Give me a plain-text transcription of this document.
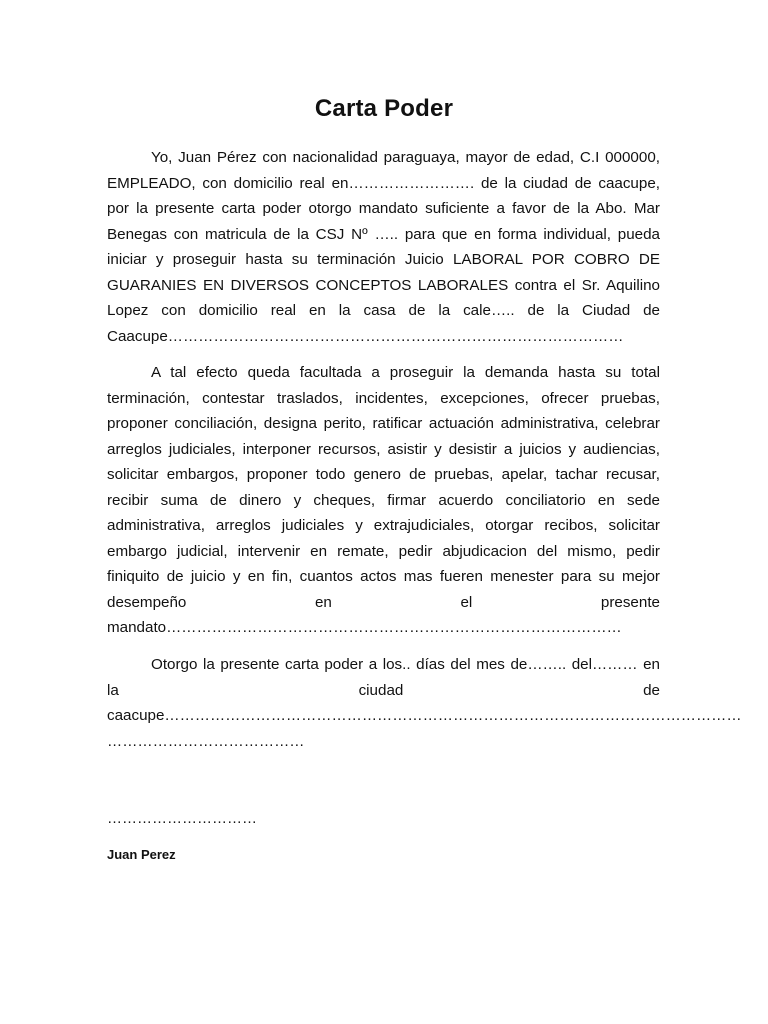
Carta Poder

Yo, Juan Pérez con nacionalidad paraguaya, mayor de edad, C.I 000000, EMPLEADO, con domicilio real en……………………. de la ciudad de caacupe, por la presente carta poder otorgo mandato suficiente a favor de la Abo. Mar Benegas con matricula de la CSJ Nº ….. para que en forma individual, pueda iniciar y proseguir hasta su terminación Juicio LABORAL POR COBRO DE GUARANIES EN DIVERSOS CONCEPTOS LABORALES contra el Sr. Aquilino Lopez con domicilio real en la casa de la cale….. de la Ciudad de Caacupe………………………………………………………………………………

A tal efecto queda facultada a proseguir la demanda hasta su total terminación, contestar traslados, incidentes, excepciones, ofrecer pruebas, proponer conciliación, designa perito, ratificar actuación administrativa, celebrar arreglos judiciales, interponer recursos, asistir y desistir a juicios y audiencias, solicitar embargos, proponer todo genero de pruebas, apelar, tachar recusar, recibir suma de dinero y cheques, firmar acuerdo conciliatorio en sede administrativa, arreglos judiciales y extrajudiciales, otorgar recibos, solicitar embargo judicial, intervenir en remate, pedir abjudicacion del mismo, pedir finiquito de juicio y en fin, cuantos actos mas fueren menester para su mejor desempeño en el presente
mandato………………………………………………………………………………
Otorgo la presente carta poder a los.. días del mes de…….. del……… en la ciudad de
caacupe……………………………………………………………………………………………………
…………………………………
…………………………
Juan Perez
